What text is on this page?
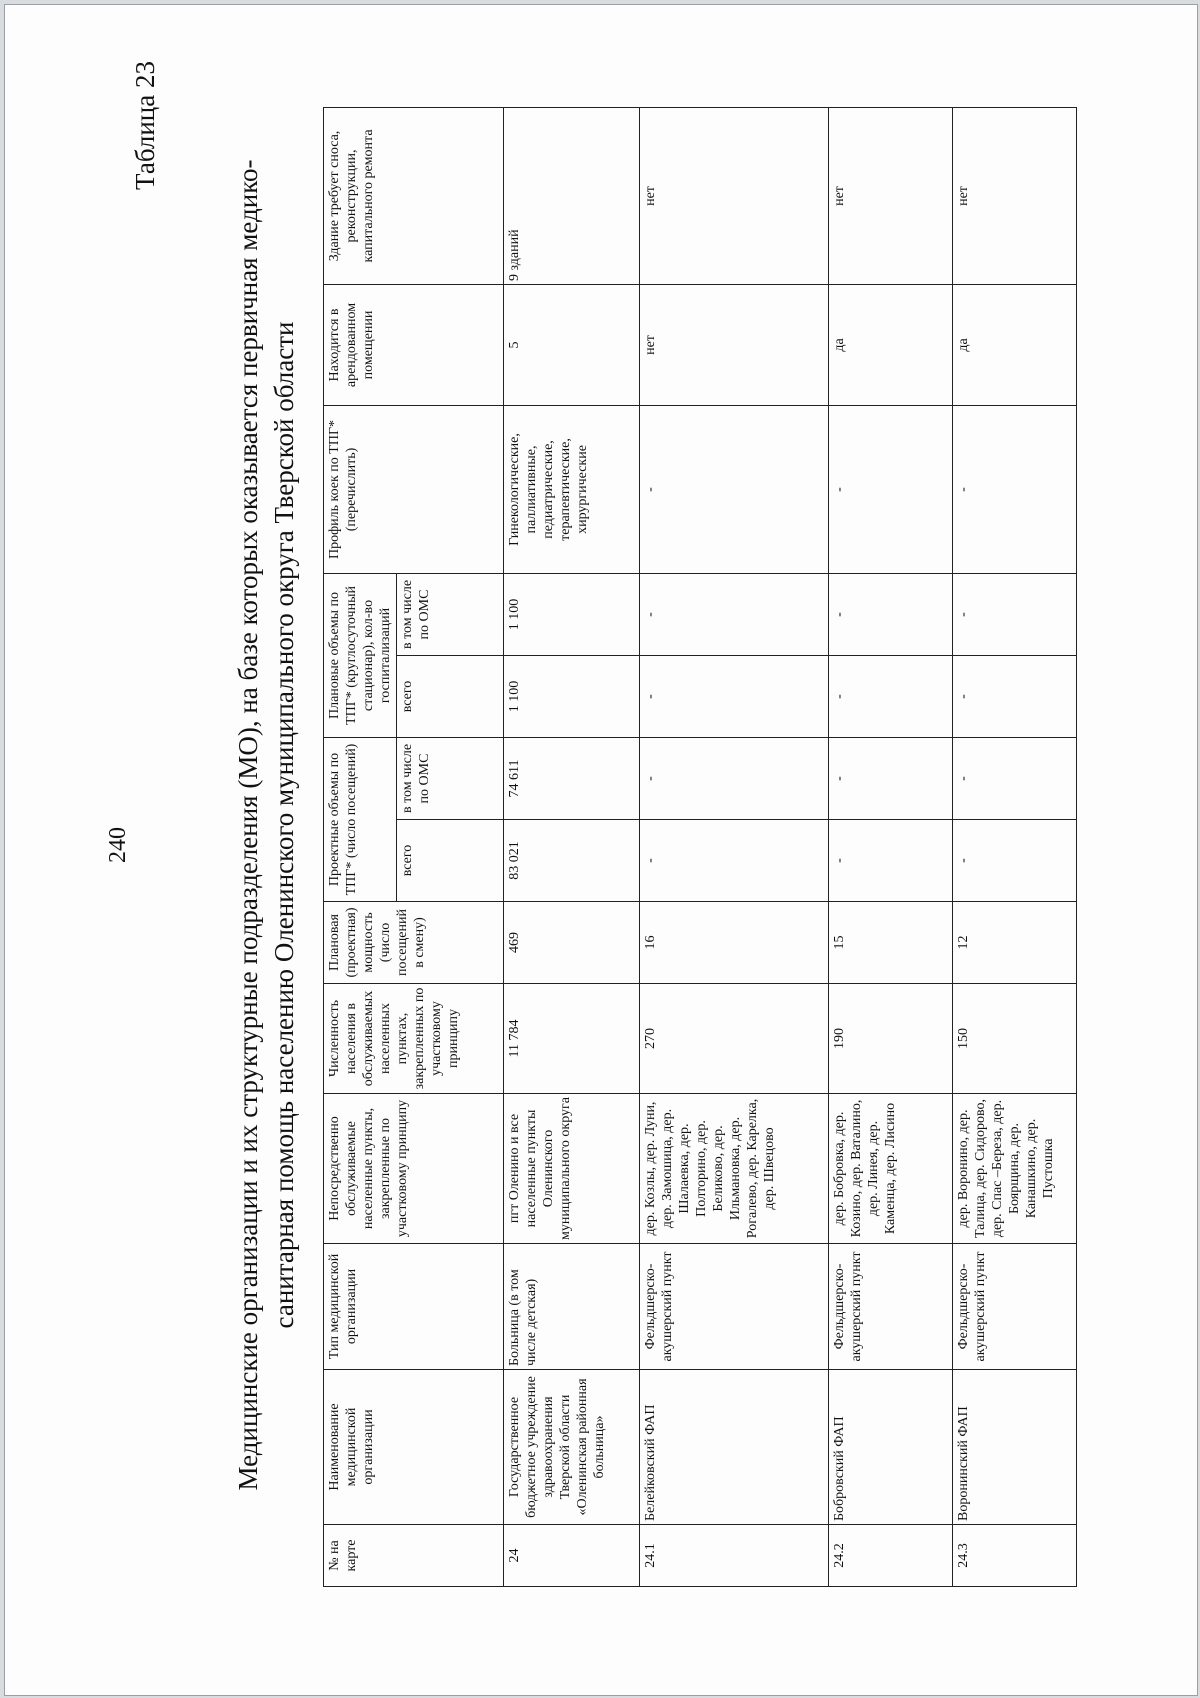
240
Таблица 23
Медицинские организации и их структурные подразделения (МО), на базе которых оказывается первичная медико-санитарная помощь населению Оленинского муниципального округа Тверской области
№ на карте	Наименование медицинской организации	Тип медицинской организации	Непосредственно обслуживаемые населенные пункты, закрепленные по участковому принципу	Численность населения в обслуживаемых населенных пунктах, закрепленных по участковому принципу	Плановая (проектная) мощность (число посещений в смену)	Проектные объемы по ТПГ* (число посещений)		Плановые объемы по ТПГ* (круглосуточный стационар), кол-во госпитализаций		Профиль коек по ТПГ* (перечислить)	Находится в арендованном помещении	Здание требует сноса, реконструкции, капитального ремонта
						всего	в том числе по ОМС	всего	в том числе по ОМС			
24	Государственное бюджетное учреждение здравоохранения Тверской области «Оленинская районная больница»	Больница (в том числе детская)	пгт Оленино и все населенные пункты Оленинского муниципального округа	11 784	469	83 021	74 611	1 100	1 100	Гинекологические, паллиативные, педиатрические, терапевтические, хирургические	5	9 зданий
24.1	Белейковский ФАП	Фельдшерско-акушерский пункт	дер. Козлы, дер. Луни, дер. Замошица, дер. Шалаевка, дер. Полторино, дер. Беликово, дер. Ильмановка, дер. Рогалево, дер. Карелка, дер. Швецово	270	16	-	-	-	-	-	нет	нет
24.2	Бобровский ФАП	Фельдшерско-акушерский пункт	дер. Бобровка, дер. Козино, дер. Ваталино, дер. Линея, дер. Каменца, дер. Лисино	190	15	-	-	-	-	-	да	нет
24.3	Воронинский ФАП	Фельдшерско-акушерский пункт	дер. Воронино, дер. Талица, дер. Сидорово, дер. Спас –Береза, дер. Боярщина, дер. Канашкино, дер. Пустошка	150	12	-	-	-	-	-	да	нет
